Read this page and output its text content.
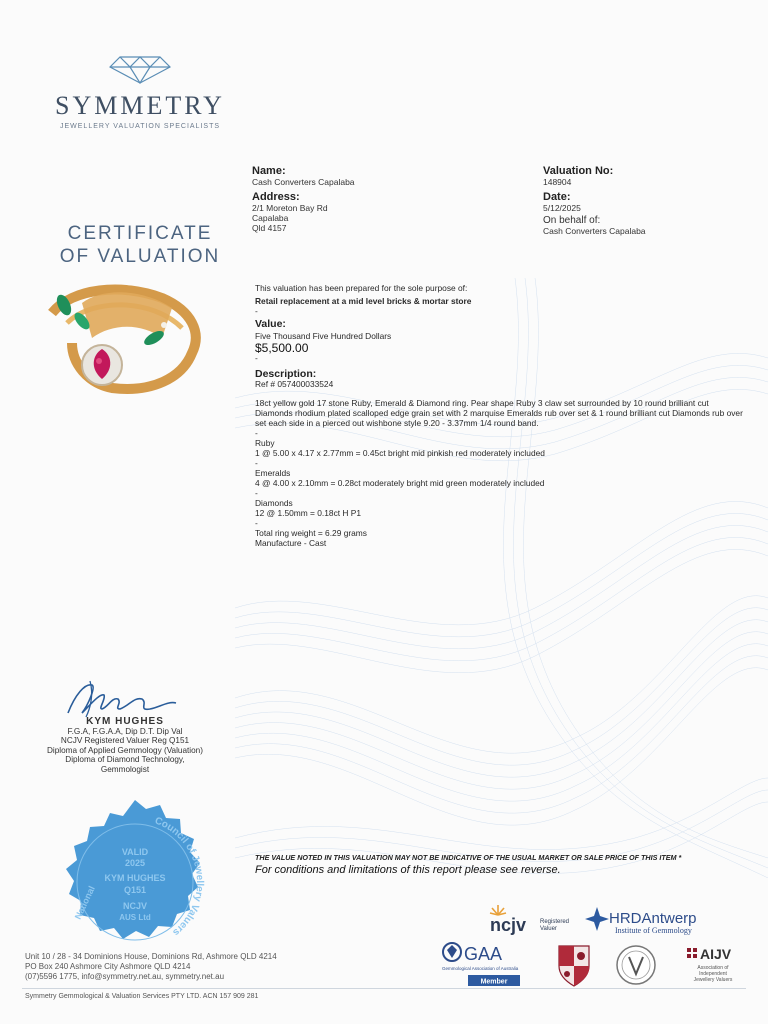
SYMMETRY
JEWELLERY VALUATION SPECIALISTS
CERTIFICATE
OF VALUATION
Name:
Cash Converters Capalaba
Address:
2/1 Moreton Bay Rd
Capalaba
Qld 4157
Valuation No:
148904
Date:
5/12/2025
On behalf of:
Cash Converters Capalaba
This valuation has been prepared for the sole purpose of:
Retail replacement at a mid level bricks & mortar store
-
Value:
Five Thousand Five Hundred Dollars
$5,500.00
-
Description:
Ref # 057400033524
18ct yellow gold 17 stone Ruby, Emerald & Diamond ring. Pear shape Ruby 3 claw set surrounded by 10 round brilliant cut Diamonds rhodium plated scalloped edge grain set with 2 marquise Emeralds rub over set & 1 round brilliant cut Diamonds rub over set each side in a pierced out wishbone style 9.20 - 3.37mm 1/4 round band.
-
Ruby
1 @ 5.00 x 4.17 x 2.77mm = 0.45ct bright mid pinkish red moderately included
-
Emeralds
4 @ 4.00 x 2.10mm = 0.28ct moderately bright mid green moderately included
-
Diamonds
12 @ 1.50mm = 0.18ct H P1
-
Total ring weight = 6.29 grams
Manufacture - Cast
KYM HUGHES
F.G.A, F.G.A.A, Dip D.T. Dip Val
NCJV Registered Valuer Reg Q151
Diploma of Applied Gemmology (Valuation)
Diploma of Diamond Technology,
Gemmologist
Council of Jewellery Valuers
VALID
2025
KYM HUGHES
Q151
NCJV
AUS Ltd
National
THE VALUE NOTED IN THIS VALUATION MAY NOT BE INDICATIVE OF THE USUAL MARKET OR SALE PRICE OF THIS ITEM *
For conditions and limitations of this report please see reverse.
ncjv Registered
Valuer
HRDAntwerp
Institute of Gemmology
GAA
Gemmological Association of Australia
Member
AIJV
Association of
Independent
Jewellery Valuers
Unit 10 / 28 - 34 Dominions House, Dominions Rd, Ashmore QLD 4214
PO Box 240 Ashmore City Ashmore QLD 4214
(07)5596 1775, info@symmetry.net.au, symmetry.net.au
Symmetry Gemmological & Valuation Services PTY LTD. ACN 157 909 281
